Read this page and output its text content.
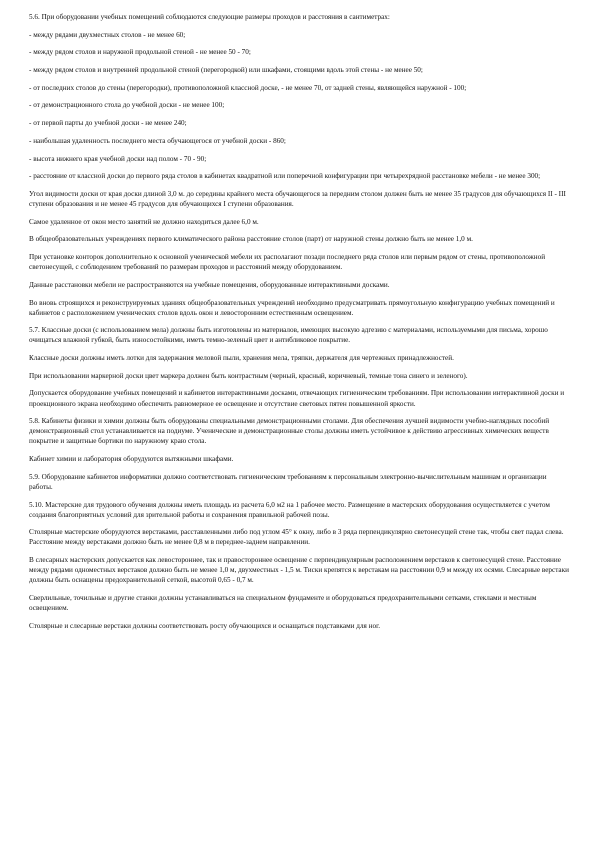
5.6. При оборудовании учебных помещений соблюдаются следующие размеры проходов и расстояния в сантиметрах:

- между рядами двухместных столов - не менее 60;

- между рядом столов и наружной продольной стеной - не менее 50 - 70;

- между рядом столов и внутренней продольной стеной (перегородкой) или шкафами, стоящими вдоль этой стены - не менее 50;

- от последних столов до стены (перегородки), противоположной классной доске, - не менее 70, от задней стены, являющейся наружной - 100;

- от демонстрационного стола до учебной доски - не менее 100;

- от первой парты до учебной доски - не менее 240;

- наибольшая удаленность последнего места обучающегося от учебной доски - 860;

- высота нижнего края учебной доски над полом - 70 - 90;

- расстояние от классной доски до первого ряда столов в кабинетах квадратной или поперечной конфигурации при четырехрядной расстановке мебели - не менее 300;

Угол видимости доски от края доски длиной 3,0 м. до середины крайнего места обучающегося за передним столом должен быть не менее 35 градусов для обучающихся II - III ступени образования и не менее 45 градусов для обучающихся I ступени образования.

Самое удаленное от окон место занятий не должно находиться далее 6,0 м.

В общеобразовательных учреждениях первого климатического района расстояние столов (парт) от наружной стены должно быть не менее 1,0 м.

При установке конторок дополнительно к основной ученической мебели их располагают позади последнего ряда столов или первым рядом от стены, противоположной светонесущей, с соблюдением требований по размерам проходов и расстояний между оборудованием.

Данные расстановки мебели не распространяются на учебные помещения, оборудованные интерактивными досками.

Во вновь строящихся и реконструируемых зданиях общеобразовательных учреждений необходимо предусматривать прямоугольную конфигурацию учебных помещений и кабинетов с расположением ученических столов вдоль окон и левосторонним естественным освещением.

5.7. Классные доски (с использованием мела) должны быть изготовлены из материалов, имеющих высокую адгезию с материалами, используемыми для письма, хорошо очищаться влажной губкой, быть износостойкими, иметь темно-зеленый цвет и антибликовое покрытие.

Классные доски должны иметь лотки для задержания меловой пыли, хранения мела, тряпки, держателя для чертежных принадлежностей.

При использовании маркерной доски цвет маркера должен быть контрастным (черный, красный, коричневый, темные тона синего и зеленого).

Допускается оборудование учебных помещений и кабинетов интерактивными досками, отвечающих гигиеническим требованиям. При использовании интерактивной доски и проекционного экрана необходимо обеспечить равномерное ее освещение и отсутствие световых пятен повышенной яркости.

5.8. Кабинеты физики и химии должны быть оборудованы специальными демонстрационными столами. Для обеспечения лучшей видимости учебно-наглядных пособий демонстрационный стол устанавливается на подиуме. Ученические и демонстрационные столы должны иметь устойчивое к действию агрессивных химических веществ покрытие и защитные бортики по наружному краю стола.

Кабинет химии и лаборатория оборудуются вытяжными шкафами.

5.9. Оборудование кабинетов информатики должно соответствовать гигиеническим требованиям к персональным электронно-вычислительным машинам и организации работы.

5.10. Мастерские для трудового обучения должны иметь площадь из расчета 6,0 м2 на 1 рабочее место. Размещение в мастерских оборудования осуществляется с учетом создания благоприятных условий для зрительной работы и сохранения правильной рабочей позы.

Столярные мастерские оборудуются верстаками, расставленными либо под углом 45° к окну, либо в 3 ряда перпендикулярно светонесущей стене так, чтобы свет падал слева. Расстояние между верстаками должно быть не менее 0,8 м в переднее-заднем направлении.

В слесарных мастерских допускается как левостороннее, так и правостороннее освещение с перпендикулярным расположением верстаков к светонесущей стене. Расстояние между рядами одноместных верстаков должно быть не менее 1,0 м, двухместных - 1,5 м. Тиски крепятся к верстакам на расстоянии 0,9 м между их осями. Слесарные верстаки должны быть оснащены предохранительной сеткой, высотой 0,65 - 0,7 м.

Сверлильные, точильные и другие станки должны устанавливаться на специальном фундаменте и оборудоваться предохранительными сетками, стеклами и местным освещением.

Столярные и слесарные верстаки должны соответствовать росту обучающихся и оснащаться подставками для ног.
